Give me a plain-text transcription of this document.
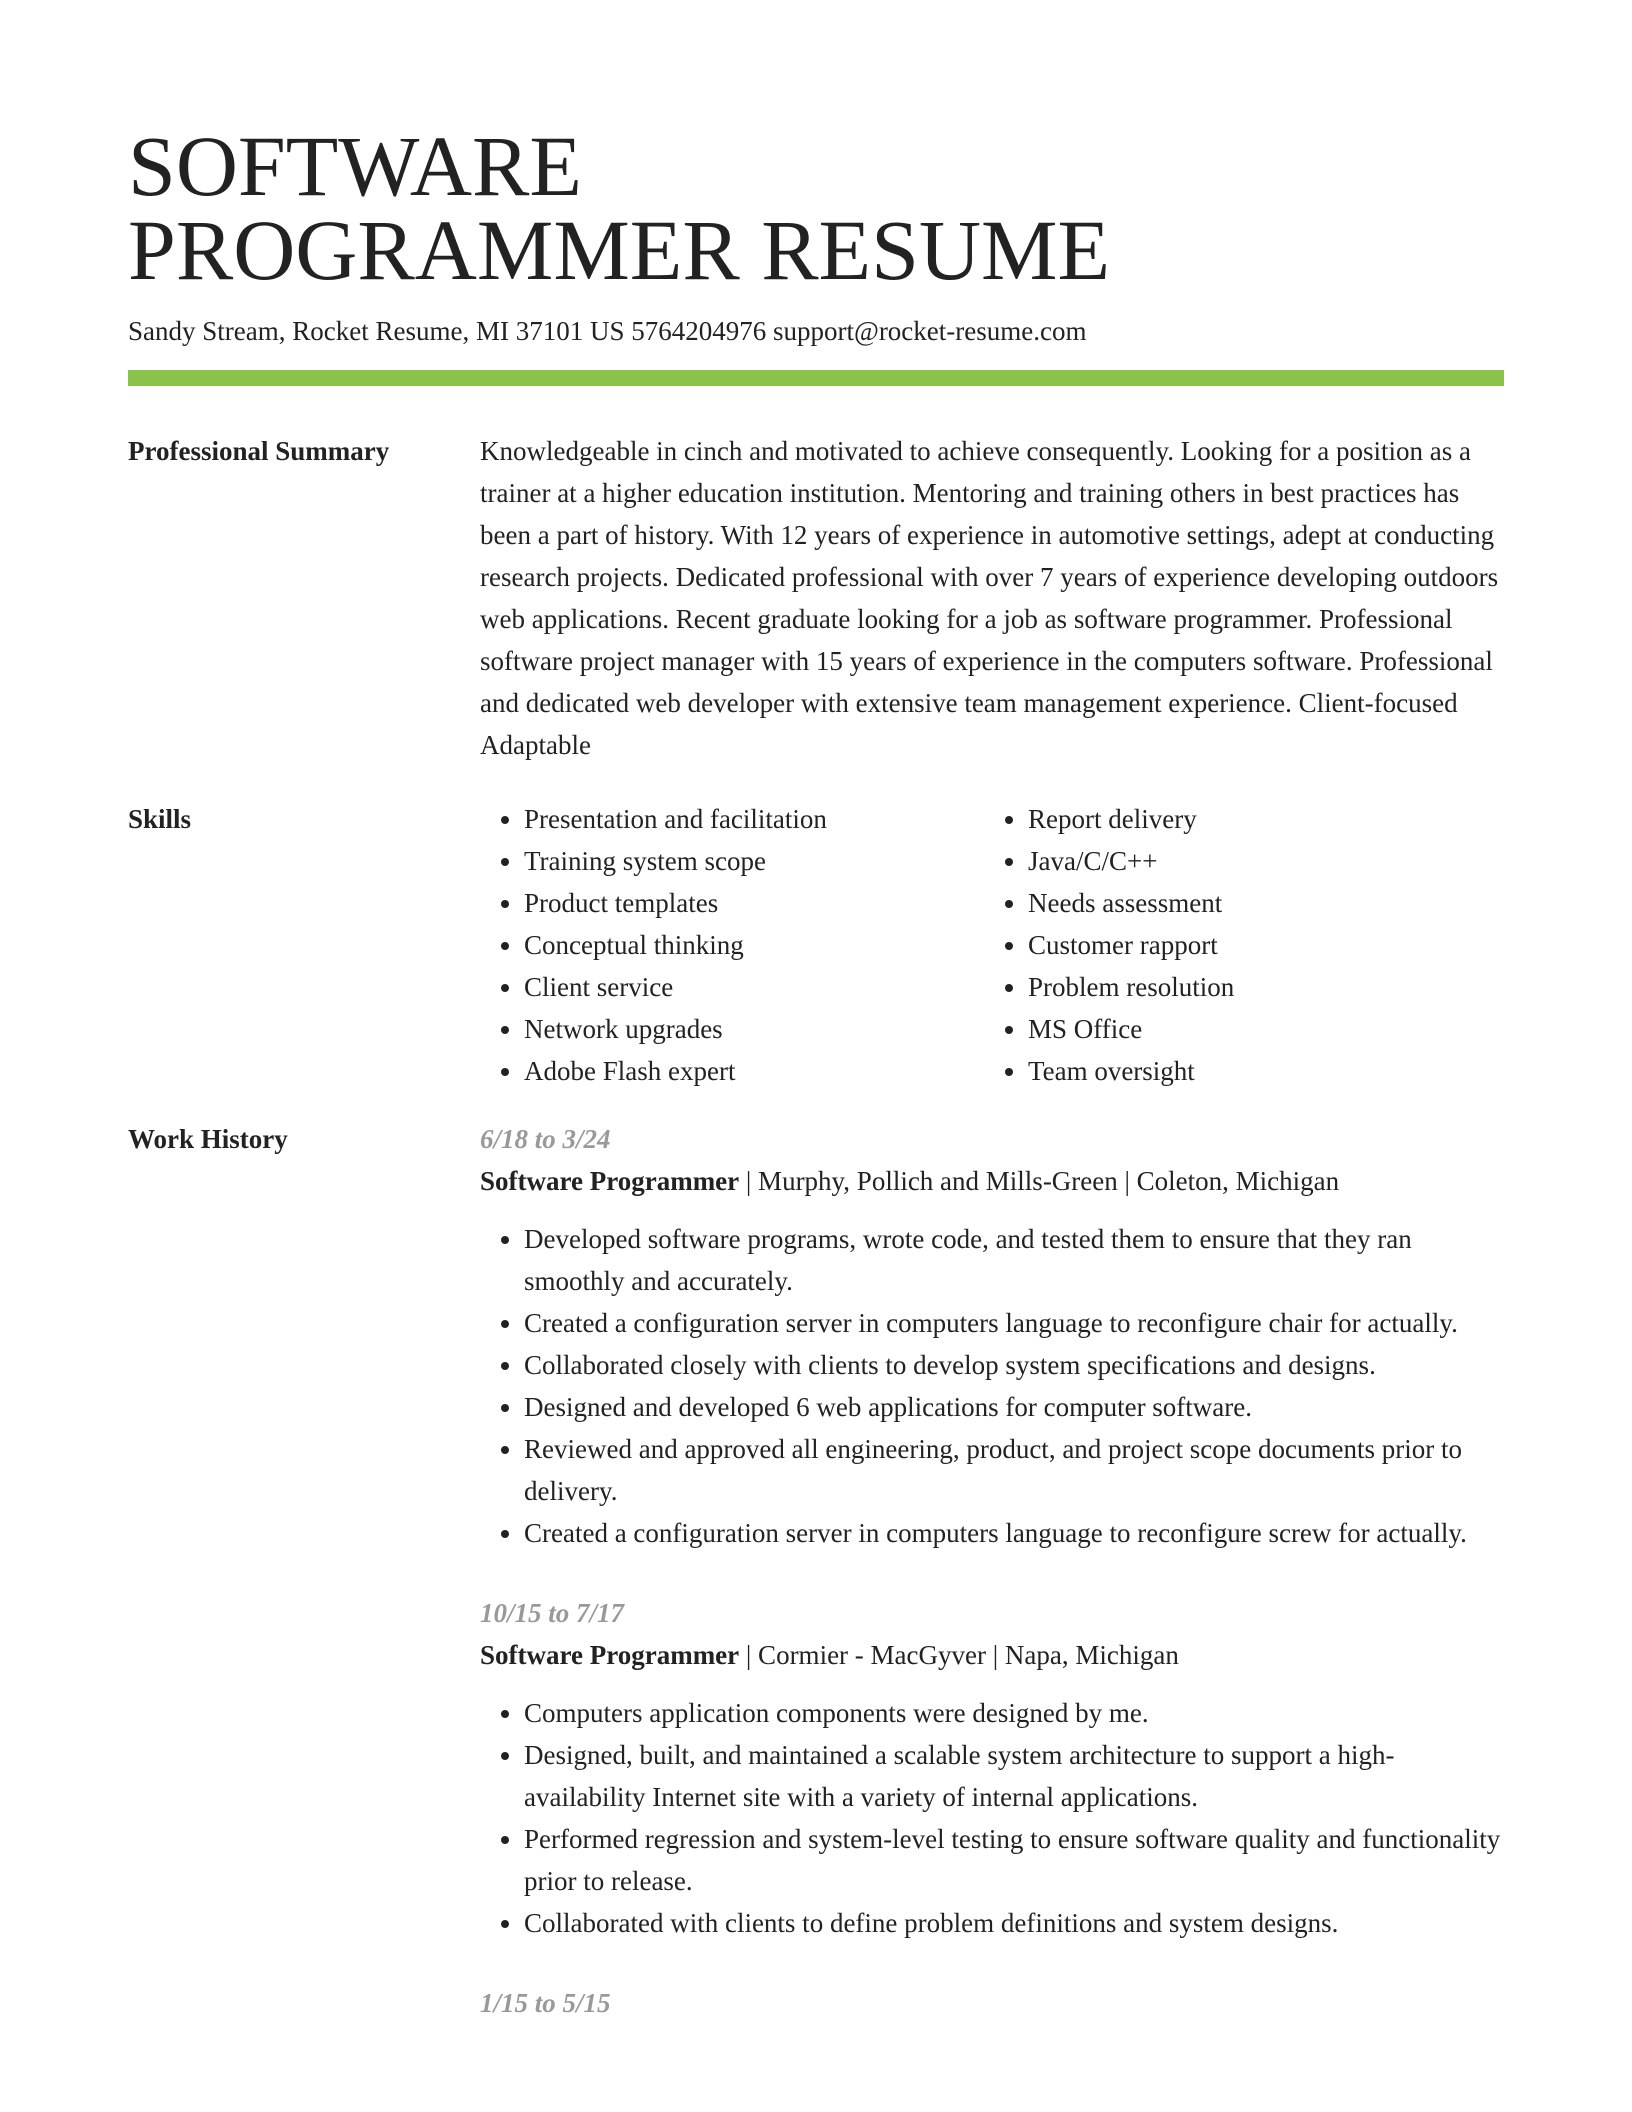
SOFTWARE
PROGRAMMER RESUME
Sandy Stream, Rocket Resume, MI 37101 US 5764204976 support@rocket-resume.com
Professional Summary	Knowledgeable in cinch and motivated to achieve consequently. Looking for a position as a trainer at a higher education institution. Mentoring and training others in best practices has been a part of history. With 12 years of experience in automotive settings, adept at conducting research projects. Dedicated professional with over 7 years of experience developing outdoors web applications. Recent graduate looking for a job as software programmer. Professional software project manager with 15 years of experience in the computers software. Professional and dedicated web developer with extensive team management experience. Client-focused Adaptable

Skills
•	Presentation and facilitation
• Training system scope
• Product templates
• Conceptual thinking
• Client service
• Network upgrades
• Adobe Flash expert
• Report delivery
• Java/C/C++
• Needs assessment
• Customer rapport
• Problem resolution
• MS Office
• Team oversight
Work History	6/18 to 3/24
Software Programmer | Murphy, Pollich and Mills-Green | Coleton, Michigan
• Developed software programs, wrote code, and tested them to ensure that they ran smoothly and accurately.
• Created a configuration server in computers language to reconfigure chair for actually.
• Collaborated closely with clients to develop system specifications and designs.
• Designed and developed 6 web applications for computer software.
• Reviewed and approved all engineering, product, and project scope documents prior to delivery.
• Created a configuration server in computers language to reconfigure screw for actually.
10/15 to 7/17
Software Programmer | Cormier - MacGyver | Napa, Michigan
• Computers application components were designed by me.
• Designed, built, and maintained a scalable system architecture to support a high-availability Internet site with a variety of internal applications.
• Performed regression and system-level testing to ensure software quality and functionality prior to release.
• Collaborated with clients to define problem definitions and system designs.
1/15 to 5/15
